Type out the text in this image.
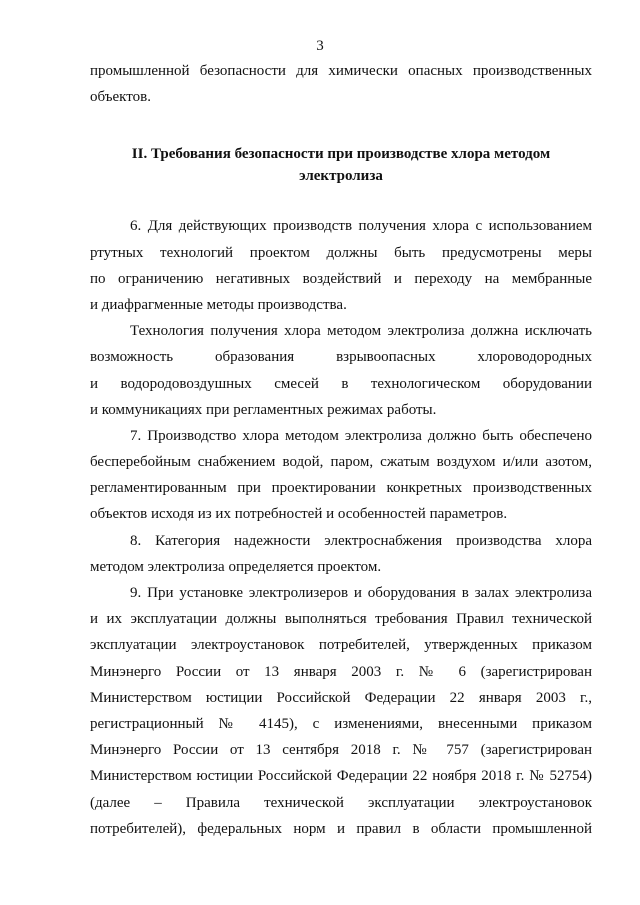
3
промышленной безопасности для химически опасных производственных
объектов.
II. Требования безопасности при производстве хлора методом
электролиза
6. Для действующих производств получения хлора с использованием
ртутных технологий проектом должны быть предусмотрены меры
по ограничению негативных воздействий и переходу на мембранные
и диафрагменные методы производства.
Технология получения хлора методом электролиза должна исключать
возможность образования взрывоопасных хлороводородных
и водородовоздушных смесей в технологическом оборудовании
и коммуникациях при регламентных режимах работы.
7. Производство хлора методом электролиза должно быть обеспечено
бесперебойным снабжением водой, паром, сжатым воздухом и/или азотом,
регламентированным при проектировании конкретных производственных
объектов исходя из их потребностей и особенностей параметров.
8. Категория надежности электроснабжения производства хлора
методом электролиза определяется проектом.
9. При установке электролизеров и оборудования в залах электролиза
и их эксплуатации должны выполняться требования Правил технической
эксплуатации электроустановок потребителей, утвержденных приказом
Минэнерго России от 13 января 2003 г. № 6 (зарегистрирован
Министерством юстиции Российской Федерации 22 января 2003 г.,
регистрационный № 4145), с изменениями, внесенными приказом
Минэнерго России от 13 сентября 2018 г. № 757 (зарегистрирован
Министерством юстиции Российской Федерации 22 ноября 2018 г. № 52754)
(далее – Правила технической эксплуатации электроустановок
потребителей), федеральных норм и правил в области промышленной
